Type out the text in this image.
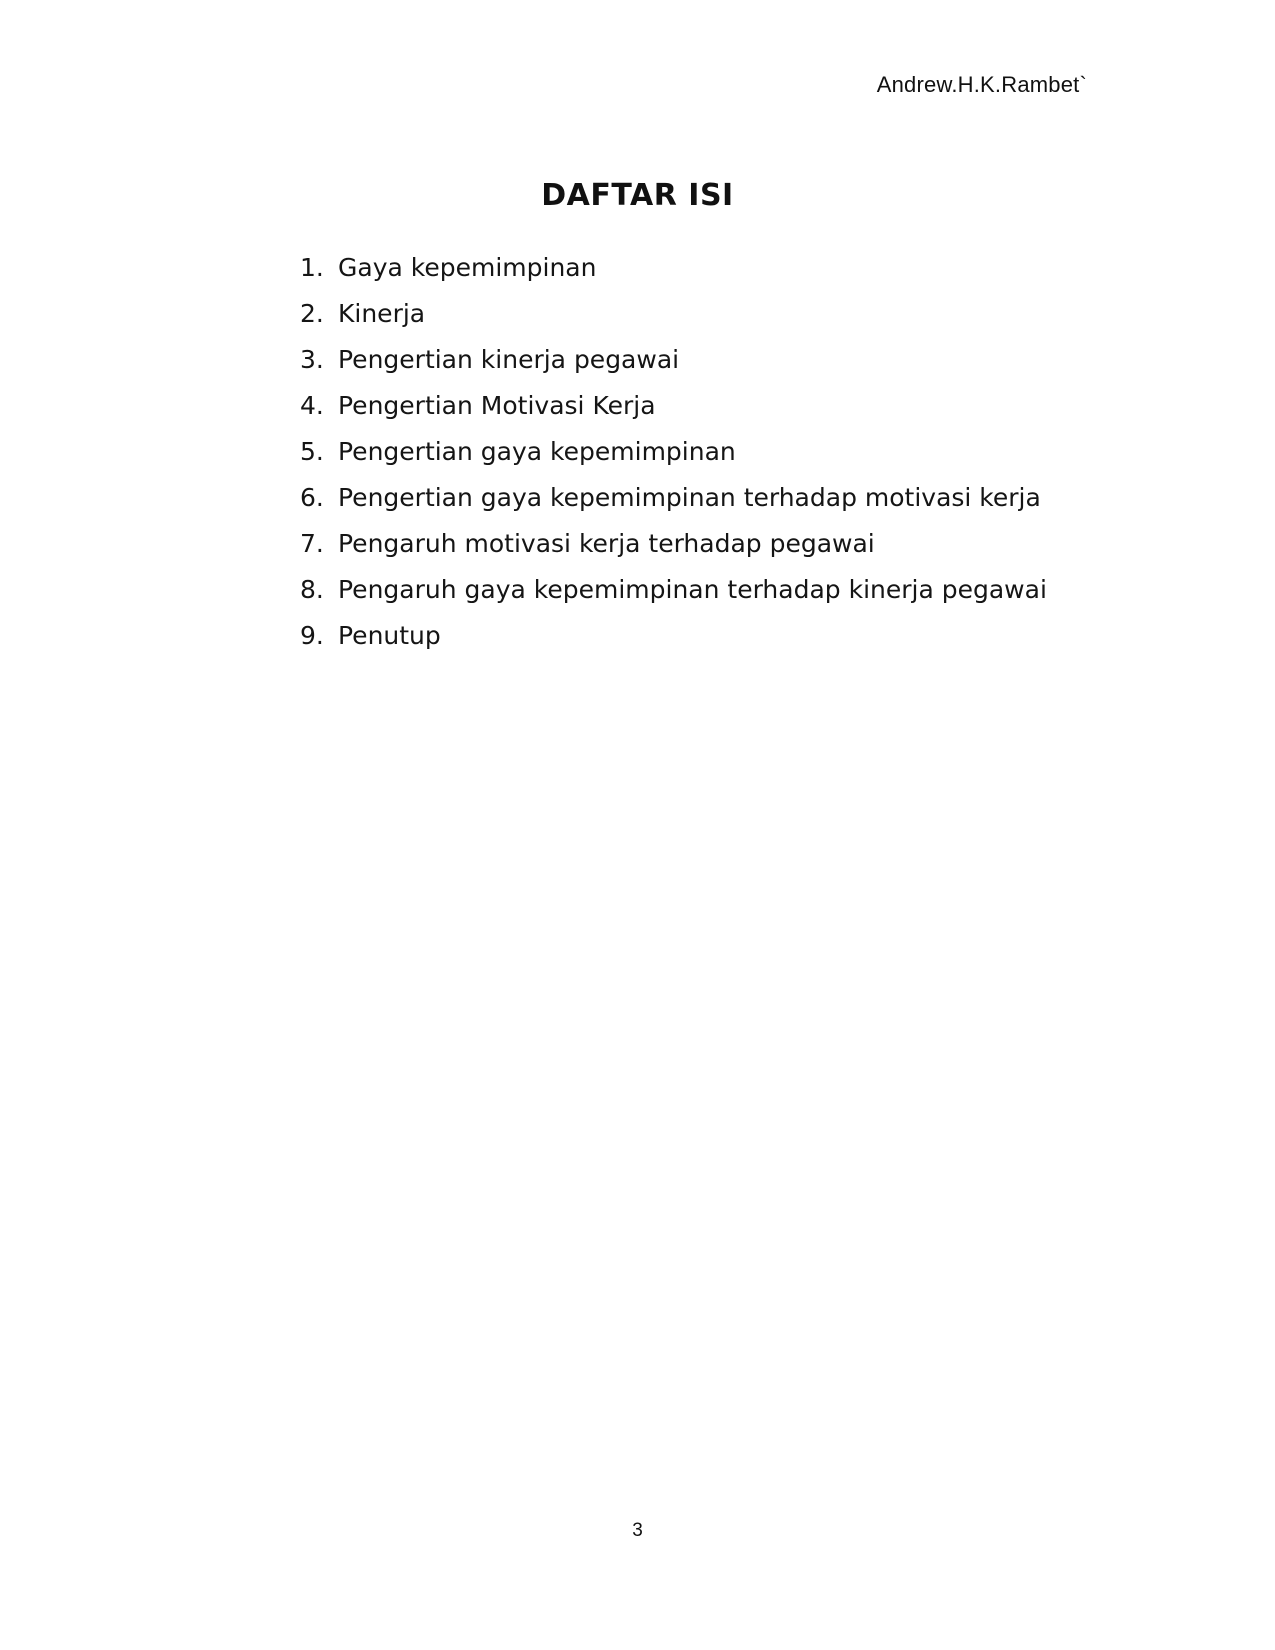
Andrew.H.K.Rambet`
DAFTAR ISI
1. Gaya kepemimpinan
2. Kinerja
3. Pengertian kinerja pegawai
4. Pengertian Motivasi Kerja
5. Pengertian gaya kepemimpinan
6. Pengertian gaya kepemimpinan terhadap motivasi kerja
7. Pengaruh motivasi kerja terhadap pegawai
8. Pengaruh gaya kepemimpinan terhadap kinerja pegawai
9. Penutup
3
